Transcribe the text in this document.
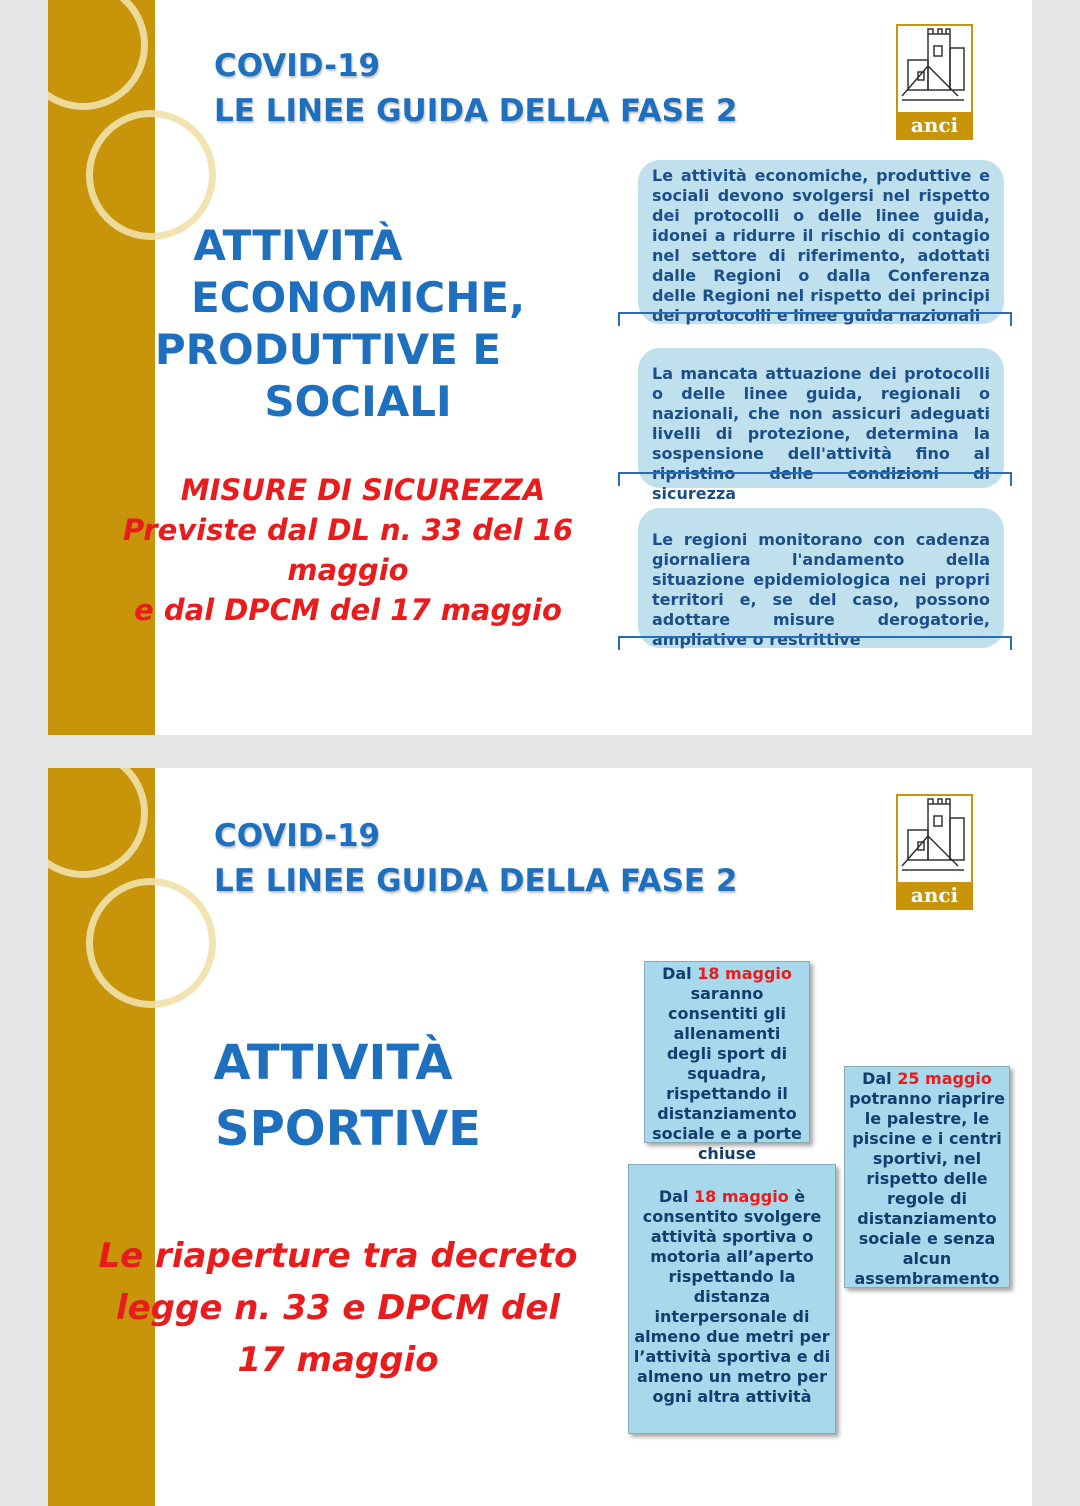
COVID-19
LE LINEE GUIDA DELLA FASE 2	anci
ATTIVITÀ
ECONOMICHE,
PRODUTTIVE E
SOCIALI
MISURE DI SICUREZZA
Previste dal DL n. 33 del 16
maggio
e dal DPCM del 17 maggio
Le attività economiche, produttive e sociali devono svolgersi nel rispetto dei protocolli o delle linee guida, idonei a ridurre il rischio di contagio nel settore di riferimento, adottati dalle Regioni o dalla Conferenza delle Regioni nel rispetto dei principi dei protocolli e linee guida nazionali
La mancata attuazione dei protocolli o delle linee guida, regionali o nazionali, che non assicuri adeguati livelli di protezione, determina la sospensione dell'attività fino al ripristino delle condizioni di sicurezza
Le regioni monitorano con cadenza giornaliera l'andamento della situazione epidemiologica nei propri territori e, se del caso, possono adottare misure derogatorie, ampliative o restrittive
COVID-19
LE LINEE GUIDA DELLA FASE 2	anci
ATTIVITÀ
SPORTIVE
Le riaperture tra decreto
legge n. 33 e DPCM del
17 maggio
Dal 18 maggio
saranno consentiti gli allenamenti degli sport di squadra, rispettando il distanziamento sociale e a porte chiuse
Dal 25 maggio
potranno riaprire le palestre, le piscine e i centri sportivi, nel rispetto delle regole di distanziamento sociale e senza alcun assembramento
Dal 18 maggio è
consentito svolgere attività sportiva o motoria all’aperto rispettando la distanza interpersonale di almeno due metri per l’attività sportiva e di almeno un metro per ogni altra attività
